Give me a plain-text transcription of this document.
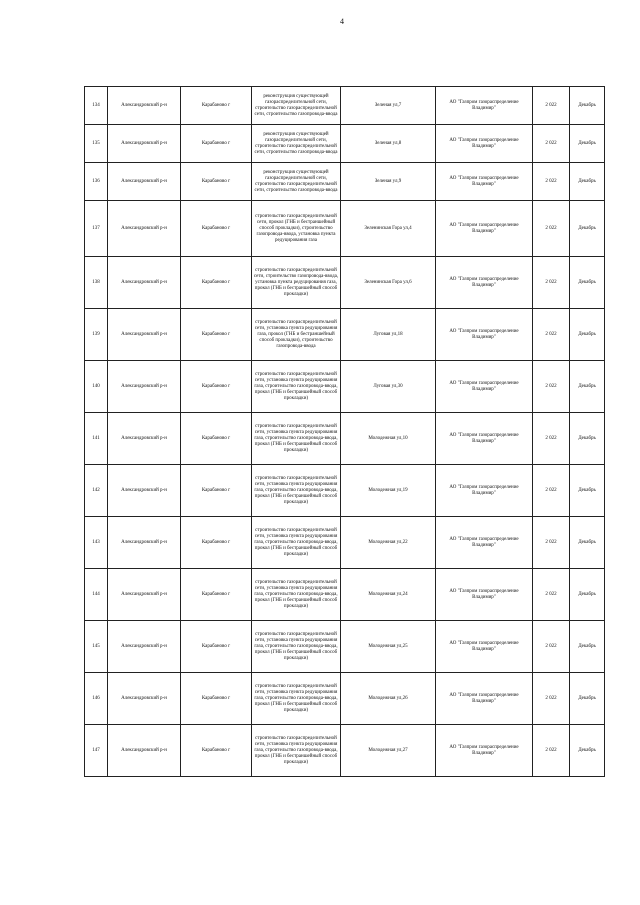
4
134	Александровский р-н	Карабаново г	реконструкция существующей газораспределительной сети, строительство газораспределительной сети, строительство газопровода-ввода	Зеленая ул,7	АО "Газпром газораспределение Владимир"	2 022	Декабрь
135	Александровский р-н	Карабаново г	реконструкция существующей газораспределительной сети, строительство газораспределительной сети, строительство газопровода-ввода	Зеленая ул,8	АО "Газпром газораспределение Владимир"	2 022	Декабрь
136	Александровский р-н	Карабаново г	реконструкция существующей газораспределительной сети, строительство газораспределительной сети, строительство газопровода-ввода	Зеленая ул,9	АО "Газпром газораспределение Владимир"	2 022	Декабрь
137	Александровский р-н	Карабаново г	строительство газораспределительной сети, прокол (ГНБ и бестраншейный способ прокладки), строительство газопровода-ввода, установка пункта редуцирования газа	Зеленинская Гора ул,4	АО "Газпром газораспределение Владимир"	2 022	Декабрь
138	Александровский р-н	Карабаново г	строительство газораспределительной сети, строительство газопровода-ввода, установка пункта редуцирования газа, прокол (ГНБ и бестраншейный способ прокладки)	Зеленинская Гора ул,6	АО "Газпром газораспределение Владимир"	2 022	Декабрь
139	Александровский р-н	Карабаново г	строительство газораспределительной сети, установка пункта редуцирования газа, прокол (ГНБ и бестраншейный способ прокладки), строительство газопровода-ввода	Луговая ул,18	АО "Газпром газораспределение Владимир"	2 022	Декабрь
140	Александровский р-н	Карабаново г	строительство газораспределительной сети, установка пункта редуцирования газа, строительство газопровода-ввода, прокол (ГНБ и бестраншейный способ прокладки)	Луговая ул,30	АО "Газпром газораспределение Владимир"	2 022	Декабрь
141	Александровский р-н	Карабаново г	строительство газораспределительной сети, установка пункта редуцирования газа, строительство газопровода-ввода, прокол (ГНБ и бестраншейный способ прокладки)	Молодежная ул,10	АО "Газпром газораспределение Владимир"	2 022	Декабрь
142	Александровский р-н	Карабаново г	строительство газораспределительной сети, установка пункта редуцирования газа, строительство газопровода-ввода, прокол (ГНБ и бестраншейный способ прокладки)	Молодежная ул,19	АО "Газпром газораспределение Владимир"	2 022	Декабрь
143	Александровский р-н	Карабаново г	строительство газораспределительной сети, установка пункта редуцирования газа, строительство газопровода-ввода, прокол (ГНБ и бестраншейный способ прокладки)	Молодежная ул,22	АО "Газпром газораспределение Владимир"	2 022	Декабрь
144	Александровский р-н	Карабаново г	строительство газораспределительной сети, установка пункта редуцирования газа, строительство газопровода-ввода, прокол (ГНБ и бестраншейный способ прокладки)	Молодежная ул,24	АО "Газпром газораспределение Владимир"	2 022	Декабрь
145	Александровский р-н	Карабаново г	строительство газораспределительной сети, установка пункта редуцирования газа, строительство газопровода-ввода, прокол (ГНБ и бестраншейный способ прокладки)	Молодежная ул,25	АО "Газпром газораспределение Владимир"	2 022	Декабрь
146	Александровский р-н	Карабаново г	строительство газораспределительной сети, установка пункта редуцирования газа, строительство газопровода-ввода, прокол (ГНБ и бестраншейный способ прокладки)	Молодежная ул,26	АО "Газпром газораспределение Владимир"	2 022	Декабрь
147	Александровский р-н	Карабаново г	строительство газораспределительной сети, установка пункта редуцирования газа, строительство газопровода-ввода, прокол (ГНБ и бестраншейный способ прокладки)	Молодежная ул,27	АО "Газпром газораспределение Владимир"	2 022	Декабрь
